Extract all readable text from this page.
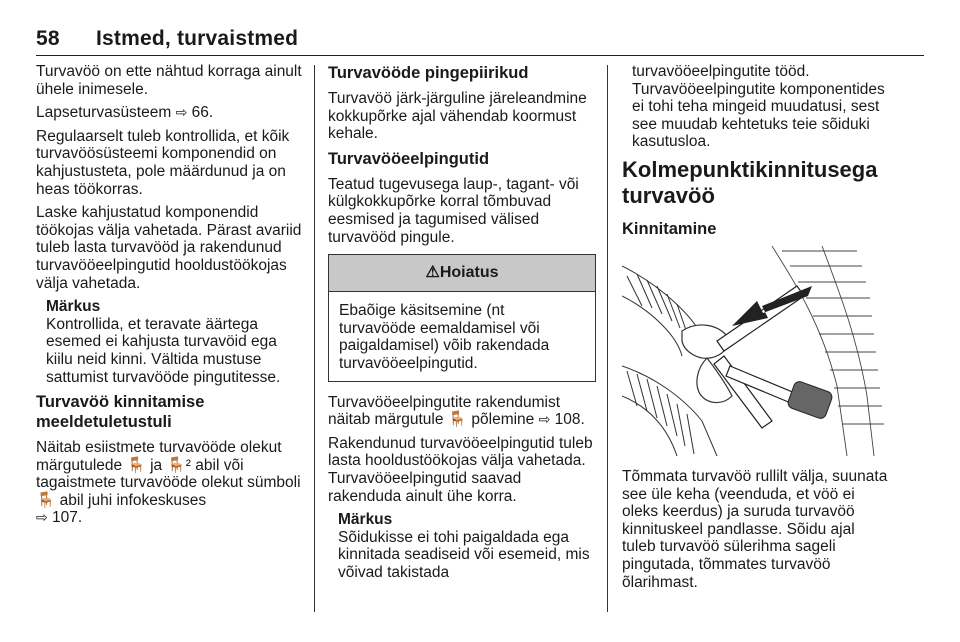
58 Istmed, turvaistmed

Turvavöö on ette nähtud korraga ainult ühele inimesele.

Lapseturvasüsteem ⇨ 66.

Regulaarselt tuleb kontrollida, et kõik turvavöösüsteemi komponendid on kahjustusteta, pole määrdunud ja on heas töökorras.

Laske kahjustatud komponendid töökojas välja vahetada. Pärast avariid tuleb lasta turvavööd ja rakendunud turvavööeelpingutid hooldustöökojas välja vahetada.

Märkus
Kontrollida, et teravate äärtega esemed ei kahjusta turvavöid ega kiilu neid kinni. Vältida mustuse sattumist turvavööde pingutitesse.
Turvavöö kinnitamise meeldetuletustuli

Näitab esiistmete turvavööde olekut märgutulede 🪑 ja 🪑² abil või tagaistmete turvavööde olekut sümboli 🪑 abil juhi infokeskuses
⇨ 107.

Turvavööde pingepiirikud

Turvavöö järk-järguline järeleandmine kokkupõrke ajal vähendab koormust kehale.

Turvavööeelpingutid

Teatud tugevusega laup-, tagant- või külgkokkupõrke korral tõmbuvad eesmised ja tagumised välised turvavööd pingule.

⚠Hoiatus
Ebaõige käsitsemine (nt turvavööde eemaldamisel või paigaldamisel) võib rakendada turvavööeelpingutid.

Turvavööeelpingutite rakendumist näitab märgutule 🪑 põlemine ⇨ 108.

Rakendunud turvavööeelpingutid tuleb lasta hooldustöökojas välja vahetada. Turvavööeelpingutid saavad rakenduda ainult ühe korra.

Märkus
Sõidukisse ei tohi paigaldada ega kinnitada seadiseid või esemeid, mis võivad takistada

turvavööeelpingutite tööd. Turvavööeelpingutite komponentides ei tohi teha mingeid muudatusi, sest see muudab kehtetuks teie sõiduki kasutusloa.

Kolmepunktikinnitusega turvavöö
Kinnitamine

Tõmmata turvavöö rullilt välja, suunata see üle keha (veenduda, et vöö ei oleks keerdus) ja suruda turvavöö kinnituskeel pandlasse. Sõidu ajal tuleb turvavöö sülerihma sageli pingutada, tõmmates turvavöö õlarihmast.
